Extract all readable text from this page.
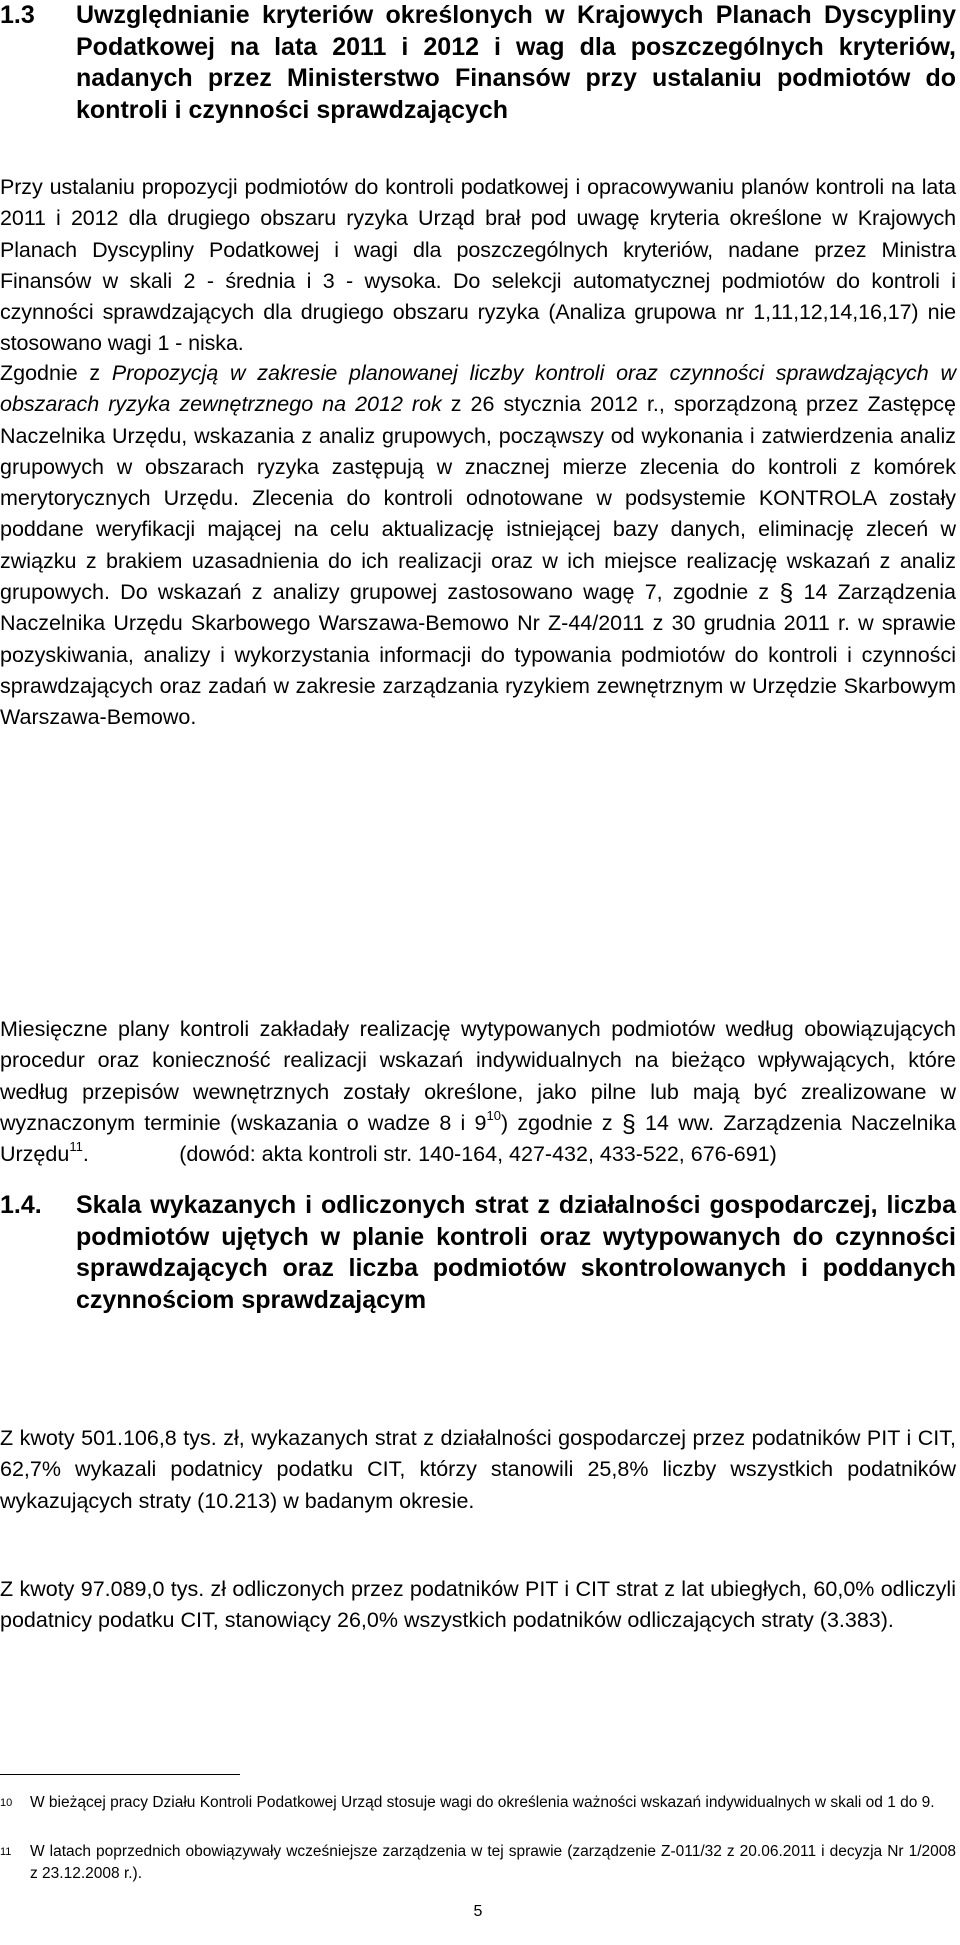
1.3	Uwzględnianie kryteriów określonych w Krajowych Planach Dyscypliny Podatkowej na lata 2011 i 2012 i wag dla poszczególnych kryteriów, nadanych przez Ministerstwo Finansów przy ustalaniu podmiotów do kontroli i czynności sprawdzających

Przy ustalaniu propozycji podmiotów do kontroli podatkowej i opracowywaniu planów kontroli na lata 2011 i 2012 dla drugiego obszaru ryzyka Urząd brał pod uwagę kryteria określone w Krajowych Planach Dyscypliny Podatkowej i wagi dla poszczególnych kryteriów, nadane przez Ministra Finansów w skali 2 - średnia i 3 - wysoka. Do selekcji automatycznej podmiotów do kontroli i czynności sprawdzających dla drugiego obszaru ryzyka (Analiza grupowa nr 1,11,12,14,16,17) nie stosowano wagi 1 - niska.

Zgodnie z Propozycją w zakresie planowanej liczby kontroli oraz czynności sprawdzających w obszarach ryzyka zewnętrznego na 2012 rok z 26 stycznia 2012 r., sporządzoną przez Zastępcę Naczelnika Urzędu, wskazania z analiz grupowych, począwszy od wykonania i zatwierdzenia analiz grupowych w obszarach ryzyka zastępują w znacznej mierze zlecenia do kontroli z komórek merytorycznych Urzędu. Zlecenia do kontroli odnotowane w podsystemie KONTROLA zostały poddane weryfikacji mającej na celu aktualizację istniejącej bazy danych, eliminację zleceń w związku z brakiem uzasadnienia do ich realizacji oraz w ich miejsce realizację wskazań z analiz grupowych. Do wskazań z analizy grupowej zastosowano wagę 7, zgodnie z § 14 Zarządzenia Naczelnika Urzędu Skarbowego Warszawa-Bemowo Nr Z-44/2011 z 30 grudnia 2011 r. w sprawie pozyskiwania, analizy i wykorzystania informacji do typowania podmiotów do kontroli i czynności sprawdzających oraz zadań w zakresie zarządzania ryzykiem zewnętrznym w Urzędzie Skarbowym Warszawa-Bemowo.

Miesięczne plany kontroli zakładały realizację wytypowanych podmiotów według obowiązujących procedur oraz konieczność realizacji wskazań indywidualnych na bieżąco wpływających, które według przepisów wewnętrznych zostały określone, jako pilne lub mają być zrealizowane w wyznaczonym terminie (wskazania o wadze 8 i $9^{10}$) zgodnie z § 14 ww. Zarządzenia Naczelnika Urzędu$^{11}$.	(dowód: akta kontroli str. 140-164, 427-432, 433-522, 676-691)

1.4.	Skala wykazanych i odliczonych strat z działalności gospodarczej, liczba podmiotów ujętych w planie kontroli oraz wytypowanych do czynności sprawdzających oraz liczba podmiotów skontrolowanych i poddanych czynnościom sprawdzającym

Z kwoty 501.106,8 tys. zł, wykazanych strat z działalności gospodarczej przez podatników PIT i CIT, 62,7% wykazali podatnicy podatku CIT, którzy stanowili 25,8% liczby wszystkich podatników wykazujących straty (10.213) w badanym okresie.

Z kwoty 97.089,0 tys. zł odliczonych przez podatników PIT i CIT strat z lat ubiegłych, 60,0% odliczyli podatnicy podatku CIT, stanowiący 26,0% wszystkich podatników odliczających straty (3.383).

10	W bieżącej pracy Działu Kontroli Podatkowej Urząd stosuje wagi do określenia ważności wskazań indywidualnych w skali od 1 do 9.
11	W latach poprzednich obowiązywały wcześniejsze zarządzenia w tej sprawie (zarządzenie Z-011/32 z 20.06.2011 i decyzja Nr 1/2008 z 23.12.2008 r.).
5
